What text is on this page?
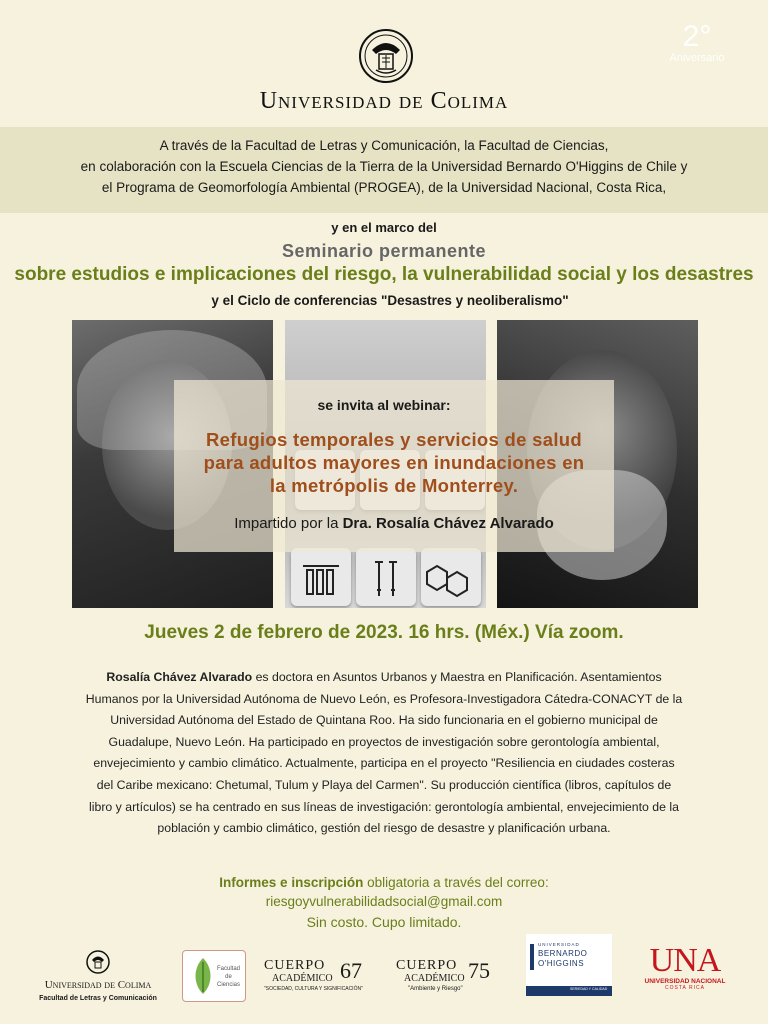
2°
Aniversario
Universidad de Colima

A través de la Facultad de Letras y Comunicación, la Facultad de Ciencias,
en colaboración con la Escuela Ciencias de la Tierra de la Universidad Bernardo O'Higgins de Chile y
el Programa de Geomorfología Ambiental (PROGEA), de la Universidad Nacional, Costa Rica,

y en el marco del
Seminario permanente
sobre estudios e implicaciones del riesgo, la vulnerabilidad social y los desastres
y el Ciclo de conferencias "Desastres y neoliberalismo"
se invita al webinar:
Refugios temporales y servicios de salud
para adultos mayores en inundaciones en
la metrópolis de Monterrey.
Impartido por la Dra. Rosalía Chávez Alvarado
Jueves 2 de febrero de 2023. 16 hrs. (Méx.) Vía zoom.
Rosalía Chávez Alvarado es doctora en Asuntos Urbanos y Maestra en Planificación. Asentamientos Humanos por la Universidad Autónoma de Nuevo León, es Profesora-Investigadora Cátedra-CONACYT de la Universidad Autónoma del Estado de Quintana Roo. Ha sido funcionaria en el gobierno municipal de Guadalupe, Nuevo León. Ha participado en proyectos de investigación sobre gerontología ambiental, envejecimiento y cambio climático. Actualmente, participa en el proyecto "Resiliencia en ciudades costeras del Caribe mexicano: Chetumal, Tulum y Playa del Carmen". Su producción científica (libros, capítulos de libro y artículos) se ha centrado en sus líneas de investigación: gerontología ambiental, envejecimiento de la población y cambio climático, gestión del riesgo de desastre y planificación urbana.
Informes e inscripción obligatoria a través del correo:
riesgoyvulnerabilidadsocial@gmail.com
Sin costo. Cupo limitado.
Universidad de Colima
Facultad de Letras y Comunicación
Facultad
de
Ciencias
CUERPO
ACADÉMICO 67
"SOCIEDAD, CULTURA Y SIGNIFICACIÓN"
CUERPO
ACADÉMICO 75
"Ambiente y Riesgo"
UNIVERSIDAD
BERNARDO
O'HIGGINS
SERIEDAD Y CALIDAD
UNA
UNIVERSIDAD NACIONAL
COSTA RICA
